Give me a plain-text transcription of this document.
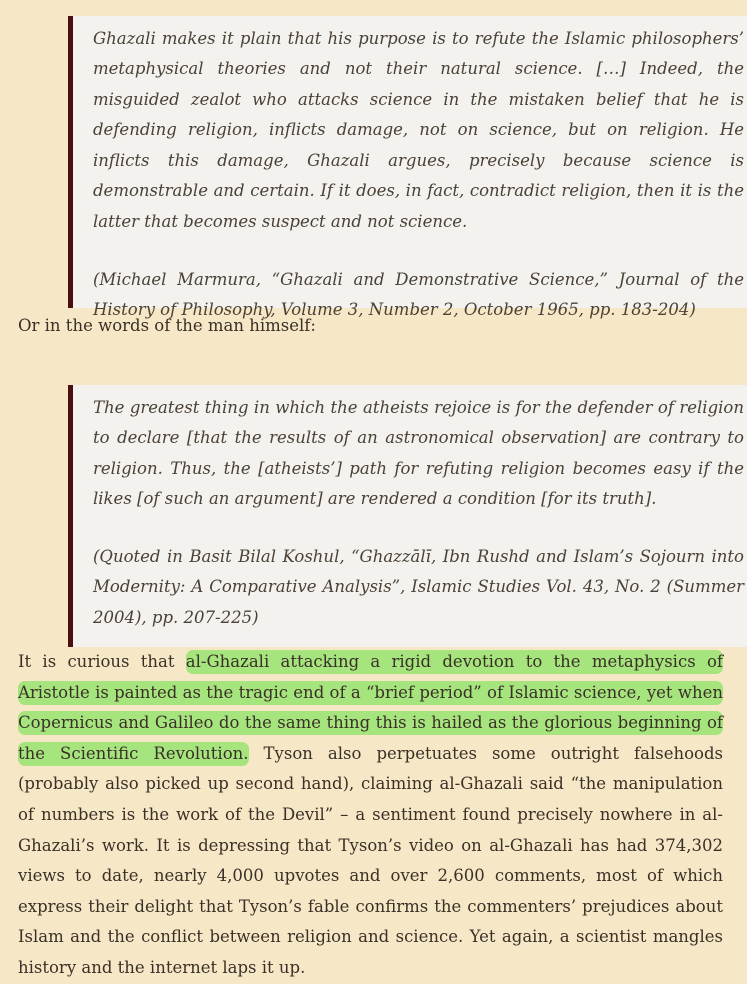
Ghazali makes it plain that his purpose is to refute the Islamic philosophers’ metaphysical theories and not their natural science. […] Indeed, the misguided zealot who attacks science in the mistaken belief that he is defending religion, inflicts damage, not on science, but on religion. He inflicts this damage, Ghazali argues, precisely because science is demonstrable and certain. If it does, in fact, contradict religion, then it is the latter that becomes suspect and not science.

(Michael Marmura, “Ghazali and Demonstrative Science,” Journal of the History of Philosophy, Volume 3, Number 2, October 1965, pp. 183-204)

Or in the words of the man himself:

The greatest thing in which the atheists rejoice is for the defender of religion to declare [that the results of an astronomical observation] are contrary to religion. Thus, the [atheists’] path for refuting religion becomes easy if the likes [of such an argument] are rendered a condition [for its truth].

(Quoted in Basit Bilal Koshul, “Ghazzālī, Ibn Rushd and Islam’s Sojourn into Modernity: A Comparative Analysis”, Islamic Studies Vol. 43, No. 2 (Summer 2004), pp. 207-225)

It is curious that al-Ghazali attacking a rigid devotion to the metaphysics of Aristotle is painted as the tragic end of a “brief period” of Islamic science, yet when Copernicus and Galileo do the same thing this is hailed as the glorious beginning of the Scientific Revolution. Tyson also perpetuates some outright falsehoods (probably also picked up second hand), claiming al-Ghazali said “the manipulation of numbers is the work of the Devil” – a sentiment found precisely nowhere in al-Ghazali’s work. It is depressing that Tyson’s video on al-Ghazali has had 374,302 views to date, nearly 4,000 upvotes and over 2,600 comments, most of which express their delight that Tyson’s fable confirms the commenters’ prejudices about Islam and the conflict between religion and science. Yet again, a scientist mangles history and the internet laps it up.
